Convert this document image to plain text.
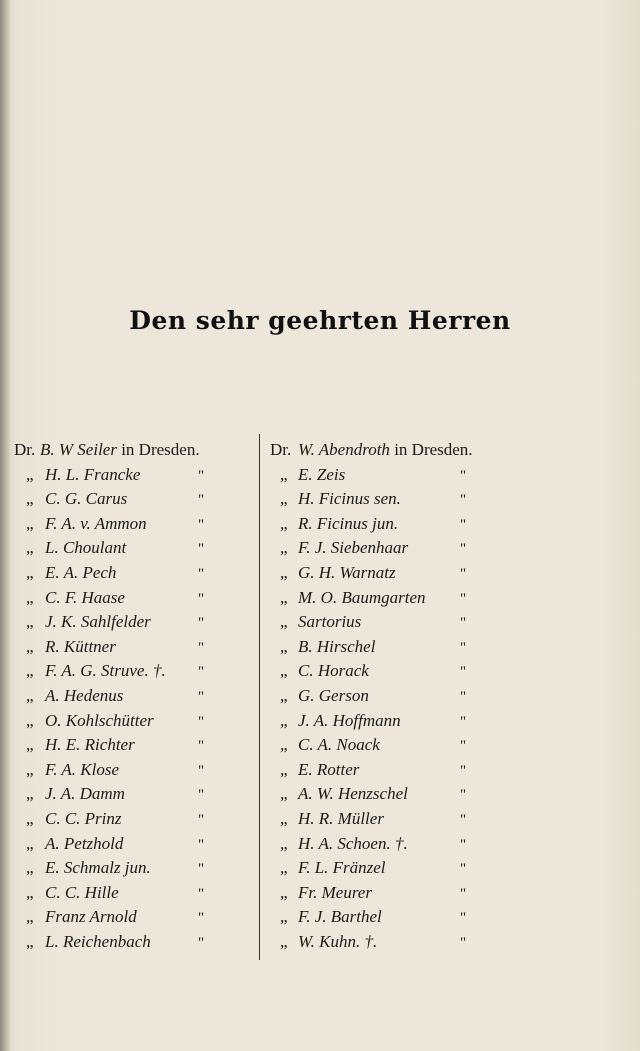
Den sehr geehrten Herren
Dr. B. W Seiler in Dresden.
„ H. L. Francke	"
„ C. G. Carus	"
„ F. A. v. Ammon	"
„ L. Choulant	"
„ E. A. Pech	"
„ C. F. Haase	"
„ J. K. Sahlfelder	"
„ R. Küttner	"
„ F. A. G. Struve. †. "
„ A. Hedenus	"
„ O. Kohlschütter	"
„ H. E. Richter	"
„ F. A. Klose	"
„ J. A. Damm	"
„ C. C. Prinz	"
„ A. Petzhold	"
„ E. Schmalz jun.	"
„ C. C. Hille	"
„ Franz Arnold	"
„ L. Reichenbach	"
Dr. W. Abendroth in Dresden.
„ E. Zeis	"
„ H. Ficinus sen.	"
„ R. Ficinus jun.	"
„ F. J. Siebenhaar	"
„ G. H. Warnatz	"
„ M. O. Baumgarten "
„ Sartorius	"
„ B. Hirschel	"
„ C. Horack	"
„ G. Gerson	"
„ J. A. Hoffmann	"
„ C. A. Noack	"
„ E. Rotter	"
„ A. W. Henzschel	"
„ H. R. Müller	"
„ H. A. Schoen. †.	"
„ F. L. Fränzel	"
„ Fr. Meurer	"
„ F. J. Barthel	"
„ W. Kuhn. †.	"
